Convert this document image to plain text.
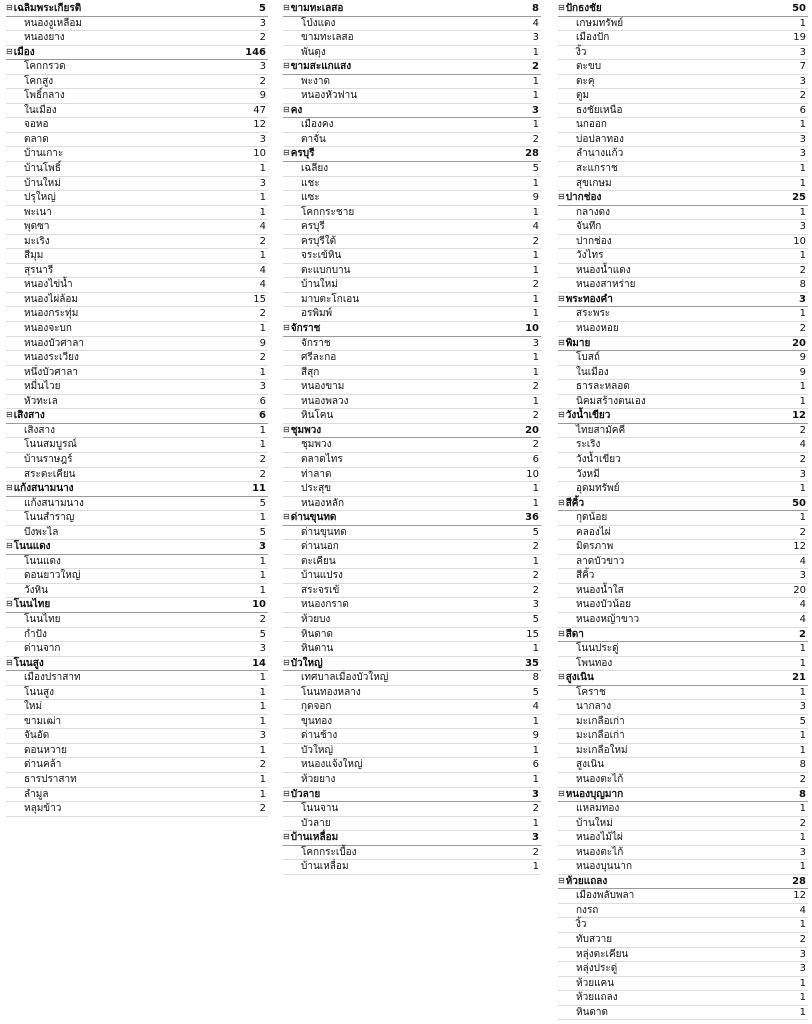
⊟ เฉลิมพระเกียรติ	5
หนองงูเหลือม	3
หนองยาง	2
⊟ เมือง	146
โคกกรวด	3
โคกสูง	2
โพธิ์กลาง	9
ในเมือง	47
จอหอ	12
ตลาด	3
บ้านเกาะ	10
บ้านโพธิ์	1
บ้านใหม่	3
ปรุใหญ่	1
พะเนา	1
พุดซา	4
มะเริง	2
สีมุม	1
สุรนารี	4
หนองไข่น้ำ	4
หนองไผ่ล้อม	15
หนองกระทุ่ม	2
หนองจะบก	1
หนองบัวศาลา	9
หนองระเวียง	2
หนึ่งบัวศาลา	1
หมื่นไวย	3
หัวทะเล	6
⊟ เสิงสาง	6
เสิงสาง	1
โนนสมบูรณ์	1
บ้านราษฎร์	2
สระตะเคียน	2
⊟ แก้งสนามนาง	11
แก้งสนามนาง	5
โนนสำราญ	1
บึงพะไล	5
⊟ โนนแดง	3
โนนแดง	1
ดอนยาวใหญ่	1
วังหิน	1
⊟ โนนไทย	10
โนนไทย	2
กำปัง	5
ด่านจาก	3
⊟ โนนสูง	14
เมืองปราสาท	1
โนนสูง	1
ใหม่	1
ขามเฒ่า	1
จันอัด	3
ดอนหวาย	1
ด่านคล้า	2
ธารปราสาท	1
ลำมูล	1
หลุมข้าว	2
⊟ ขามทะเลสอ	8
โป่งแดง	4
ขามทะเลสอ	3
พันดุง	1
⊟ ขามสะแกแสง	2
พะงาด	1
หนองหัวฟาน	1
⊟ คง	3
เมืองคง	1
ตาจั่น	2
⊟ ครบุรี	28
เฉลียง	5
แชะ	1
แซะ	9
โคกกระชาย	1
ครบุรี	4
ครบุรีใต้	2
จระเข้หิน	1
ตะแบกบาน	1
บ้านใหม่	2
มาบตะโกเอน	1
อรพิมพ์	1
⊟ จักราช	10
จักราช	3
ศรีละกอ	1
สีสุก	1
หนองขาม	2
หนองพลวง	1
หินโคน	2
⊟ ชุมพวง	20
ชุมพวง	2
ตลาดไทร	6
ท่าลาด	10
ประสุข	1
หนองหลัก	1
⊟ ด่านขุนทด	36
ด่านขุนทด	5
ด่านนอก	2
ตะเคียน	1
บ้านแปรง	2
สระจรเข้	2
หนองกราด	3
ห้วยบง	5
หินดาด	15
หินตาน	1
⊟ บัวใหญ่	35
เทศบาลเมืองบัวใหญ่	8
โนนทองหลาง	5
กุดจอก	4
ขุนทอง	1
ด่านช้าง	9
บัวใหญ่	1
หนองแจ้งใหญ่	6
ห้วยยาง	1
⊟ บัวลาย	3
โนนจาน	2
บัวลาย	1
⊟ บ้านเหลื่อม	3
โคกกระเบื้อง	2
บ้านเหลื่อม	1
⊟ ปักธงชัย	50
เกษมทรัพย์	1
เมืองปัก	19
งิ้ว	3
ตะขบ	7
ตะคุ	3
ตูม	2
ธงชัยเหนือ	6
นกออก	1
บ่อปลาทอง	3
ลำนางแก้ว	3
สะแกราช	1
สุขเกษม	1
⊟ ปากช่อง	25
กลางดง	1
จันทึก	3
ปากช่อง	10
วังไทร	1
หนองน้ำแดง	2
หนองสาหร่าย	8
⊟ พระทองคำ	3
สระพระ	1
หนองหอย	2
⊟ พิมาย	20
โบสถ์	9
ในเมือง	9
ธารละหลอด	1
นิคมสร้างตนเอง	1
⊟ วังน้ำเขียว	12
ไทยสามัคคี	2
ระเริง	4
วังน้ำเขียว	2
วังหมี	3
อุดมทรัพย์	1
⊟ สีคิ้ว	50
กุดน้อย	1
คลองไผ่	2
มิตรภาพ	12
ลาดบัวขาว	4
สีคิ้ว	3
หนองน้ำใส	20
หนองบัวน้อย	4
หนองหญ้าขาว	4
⊟ สีดา	2
โนนประดู่	1
โพนทอง	1
⊟ สูงเนิน	21
โคราช	1
นากลาง	3
มะเกลือเก่า	5
มะเกลือเก่า	1
มะเกลือใหม่	1
สูงเนิน	8
หนองตะไก้	2
⊟ หนองบุญมาก	8
แหลมทอง	1
บ้านใหม่	2
หนองไม้ไผ่	1
หนองตะไก้	3
หนองบุนนาก	1
⊟ ห้วยแถลง	28
เมืองพลับพลา	12
กงรถ	4
งิ้ว	1
ทับสวาย	2
หลุ่งตะเคียน	3
หลุ่งประดู่	3
ห้วยแคน	1
ห้วยแถลง	1
หินดาด	1
